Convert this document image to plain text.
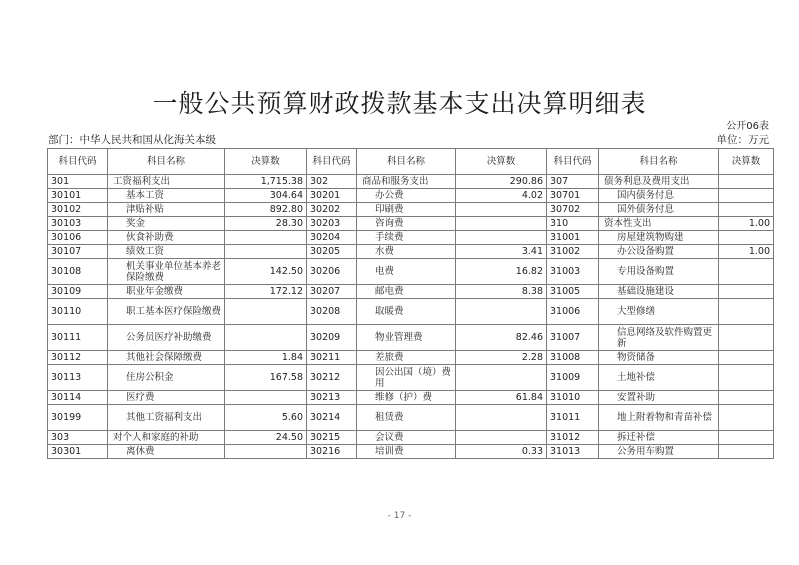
一般公共预算财政拨款基本支出决算明细表
公开06表
部门：中华人民共和国从化海关本级	单位：万元
科目代码	科目名称	决算数	科目代码	科目名称	决算数	科目代码	科目名称	决算数
301	工资福利支出	1,715.38	302	商品和服务支出	290.86	307	债务利息及费用支出	
30101	基本工资	304.64	30201	办公费	4.02	30701	国内债务付息	
30102	津贴补贴	892.80	30202	印刷费		30702	国外债务付息	
30103	奖金	28.30	30203	咨询费		310	资本性支出	1.00
30106	伙食补助费		30204	手续费		31001	房屋建筑物购建	
30107	绩效工资		30205	水费	3.41	31002	办公设备购置	1.00
30108	机关事业单位基本养老保险缴费	142.50	30206	电费	16.82	31003	专用设备购置	
30109	职业年金缴费	172.12	30207	邮电费	8.38	31005	基础设施建设	
30110	职工基本医疗保险缴费		30208	取暖费		31006	大型修缮	
30111	公务员医疗补助缴费		30209	物业管理费	82.46	31007	信息网络及软件购置更新	
30112	其他社会保障缴费	1.84	30211	差旅费	2.28	31008	物资储备	
30113	住房公积金	167.58	30212	因公出国（境）费用		31009	土地补偿	
30114	医疗费		30213	维修（护）费	61.84	31010	安置补助	
30199	其他工资福利支出	5.60	30214	租赁费		31011	地上附着物和青苗补偿	
303	对个人和家庭的补助	24.50	30215	会议费		31012	拆迁补偿	
30301	离休费		30216	培训费	0.33	31013	公务用车购置	
- 17 -
